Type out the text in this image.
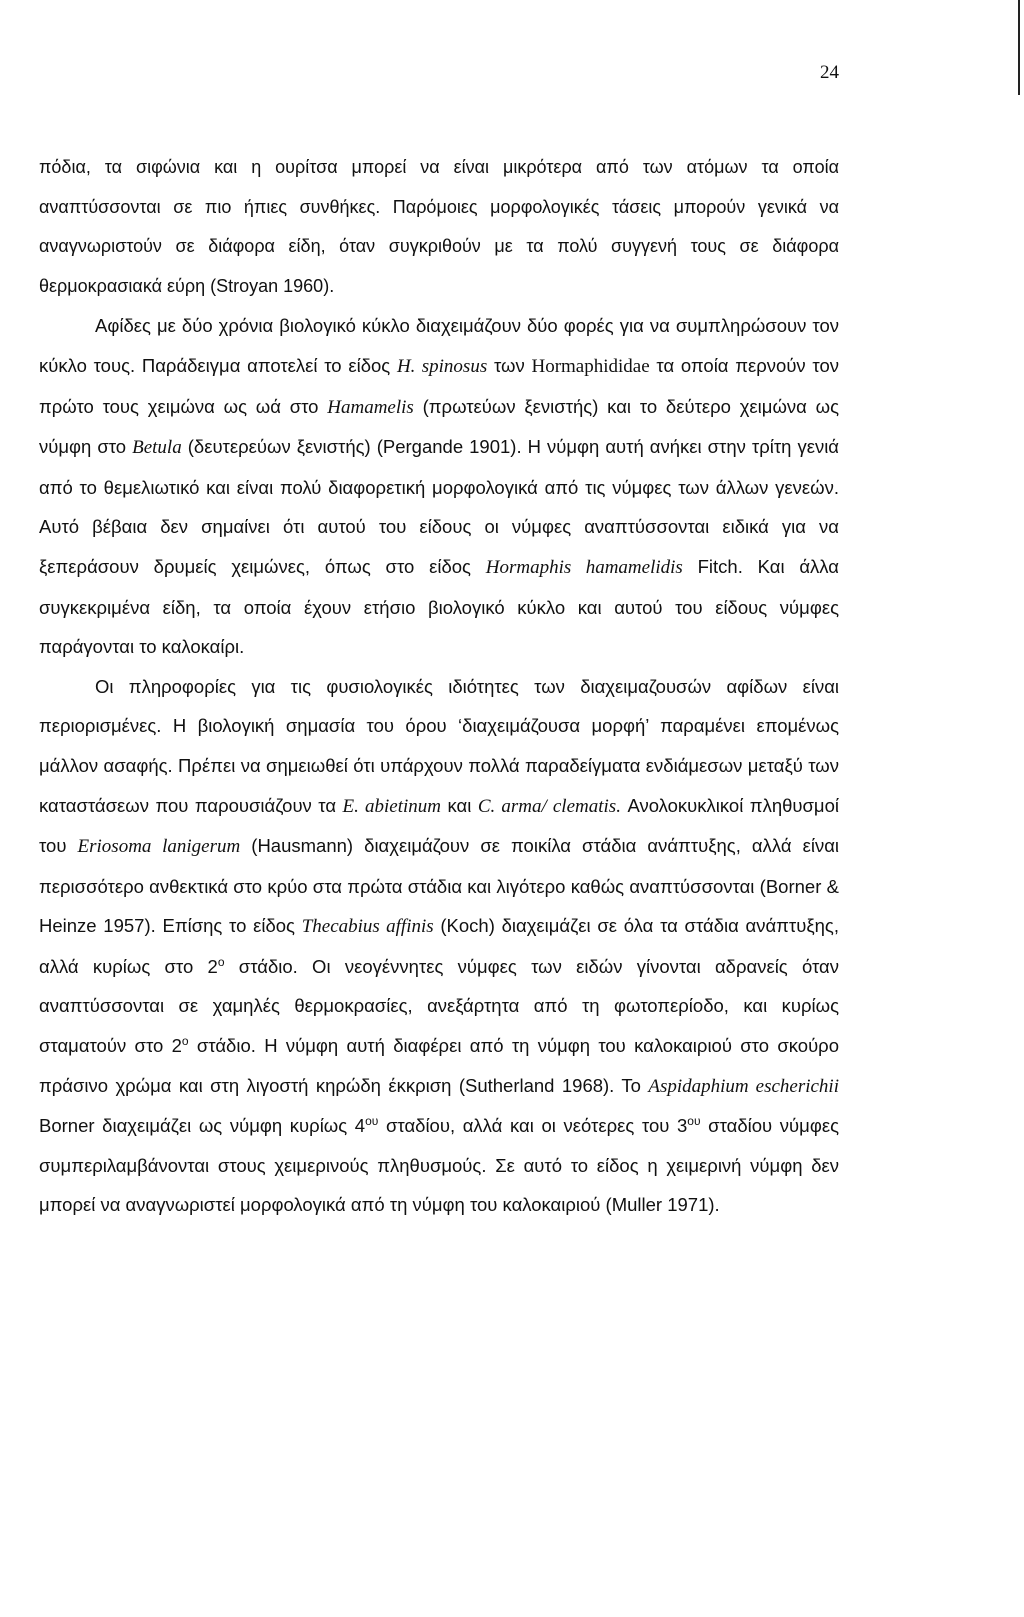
24

πόδια, τα σιφώνια και η ουρίτσα μπορεί να είναι μικρότερα από των ατόμων τα οποία αναπτύσσονται σε πιο ήπιες συνθήκες. Παρόμοιες μορφολογικές τάσεις μπορούν γενικά να αναγνωριστούν σε διάφορα είδη, όταν συγκριθούν με τα πολύ συγγενή τους σε διάφορα θερμοκρασιακά εύρη (Stroyan 1960).

Αφίδες με δύο χρόνια βιολογικό κύκλο διαχειμάζουν δύο φορές για να συμπληρώσουν τον κύκλο τους. Παράδειγμα αποτελεί το είδος H. spinosus των Hormaphididae τα οποία περνούν τον πρώτο τους χειμώνα ως ωά στο Hamamelis (πρωτεύων ξενιστής) και το δεύτερο χειμώνα ως νύμφη στο Betula (δευτερεύων ξενιστής) (Pergande 1901). Η νύμφη αυτή ανήκει στην τρίτη γενιά από το θεμελιωτικό και είναι πολύ διαφορετική μορφολογικά από τις νύμφες των άλλων γενεών. Αυτό βέβαια δεν σημαίνει ότι αυτού του είδους οι νύμφες αναπτύσσονται ειδικά για να ξεπεράσουν δρυμείς χειμώνες, όπως στο είδος Hormaphis hamamelidis Fitch. Και άλλα συγκεκριμένα είδη, τα οποία έχουν ετήσιο βιολογικό κύκλο και αυτού του είδους νύμφες παράγονται το καλοκαίρι.

Οι πληροφορίες για τις φυσιολογικές ιδιότητες των διαχειμαζουσών αφίδων είναι περιορισμένες. Η βιολογική σημασία του όρου ‘διαχειμάζουσα μορφή’ παραμένει επομένως μάλλον ασαφής. Πρέπει να σημειωθεί ότι υπάρχουν πολλά παραδείγματα ενδιάμεσων μεταξύ των καταστάσεων που παρουσιάζουν τα E. abietinum και C. arma/ clematis. Ανολοκυκλικοί πληθυσμοί του Eriosoma lanigerum (Hausmann) διαχειμάζουν σε ποικίλα στάδια ανάπτυξης, αλλά είναι περισσότερο ανθεκτικά στο κρύο στα πρώτα στάδια και λιγότερο καθώς αναπτύσσονται (Borner & Heinze 1957). Επίσης το είδος Thecabius affinis (Koch) διαχειμάζει σε όλα τα στάδια ανάπτυξης, αλλά κυρίως στο $2^o$ στάδιο. Οι νεογέννητες νύμφες των ειδών γίνονται αδρανείς όταν αναπτύσσονται σε χαμηλές θερμοκρασίες, ανεξάρτητα από τη φωτοπερίοδο, και κυρίως σταματούν στο $2^o$ στάδιο. Η νύμφη αυτή διαφέρει από τη νύμφη του καλοκαιριού στο σκούρο πράσινο χρώμα και στη λιγοστή κηρώδη έκκριση (Sutherland 1968). Το Aspidaphium escherichii Borner διαχειμάζει ως νύμφη κυρίως $4^{o\upsilon}$ σταδίου, αλλά και οι νεότερες του $3^{o\upsilon}$ σταδίου νύμφες συμπεριλαμβάνονται στους χειμερινούς πληθυσμούς. Σε αυτό το είδος η χειμερινή νύμφη δεν μπορεί να αναγνωριστεί μορφολογικά από τη νύμφη του καλοκαιριού (Muller 1971).
